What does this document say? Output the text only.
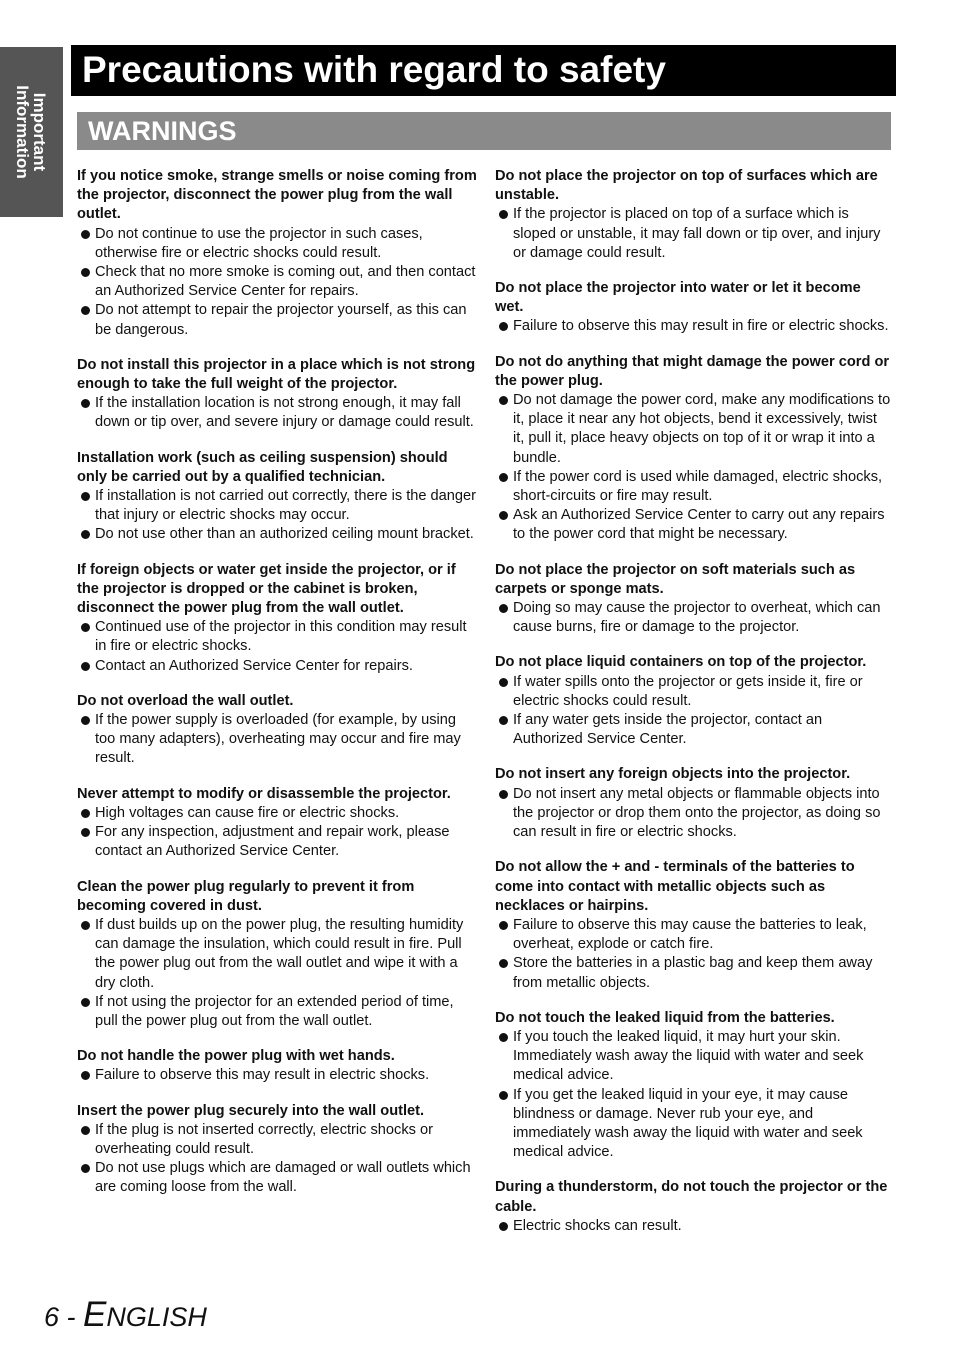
Important
Information
Precautions with regard to safety
WARNINGS
If you notice smoke, strange smells or noise coming from the projector, disconnect the power plug from the wall outlet.
Do not continue to use the projector in such cases, otherwise fire or electric shocks could result.
Check that no more smoke is coming out, and then contact an Authorized Service Center for repairs.
Do not attempt to repair the projector yourself, as this can be dangerous.
Do not install this projector in a place which is not strong enough to take the full weight of the projector.
If the installation location is not strong enough, it may fall down or tip over, and severe injury or damage could result.
Installation work (such as ceiling suspension) should only be carried out by a qualified technician.
If installation is not carried out correctly, there is the danger that injury or electric shocks may occur.
Do not use other than an authorized ceiling mount bracket.
If foreign objects or water get inside the projector, or if the projector is dropped or the cabinet is broken, disconnect the power plug from the wall outlet.
Continued use of the projector in this condition may result in fire or electric shocks.
Contact an Authorized Service Center for repairs.
Do not overload the wall outlet.
If the power supply is overloaded (for example, by using too many adapters), overheating may occur and fire may result.
Never attempt to modify or disassemble the projector.
High voltages can cause fire or electric shocks.
For any inspection, adjustment and repair work, please contact an Authorized Service Center.
Clean the power plug regularly to prevent it from becoming covered in dust.
If dust builds up on the power plug, the resulting humidity can damage the insulation, which could result in fire. Pull the power plug out from the wall outlet and wipe it with a dry cloth.
If not using the projector for an extended period of time, pull the power plug out from the wall outlet.
Do not handle the power plug with wet hands.
Failure to observe this may result in electric shocks.
Insert the power plug securely into the wall outlet.
If the plug is not inserted correctly, electric shocks or overheating could result.
Do not use plugs which are damaged or wall outlets which are coming loose from the wall.
Do not place the projector on top of surfaces which are unstable.
If the projector is placed on top of a surface which is sloped or unstable, it may fall down or tip over, and injury or damage could result.
Do not place the projector into water or let it become wet.
Failure to observe this may result in fire or electric shocks.
Do not do anything that might damage the power cord or the power plug.
Do not damage the power cord, make any modifications to it, place it near any hot objects, bend it excessively, twist it, pull it, place heavy objects on top of it or wrap it into a bundle.
If the power cord is used while damaged, electric shocks, short-circuits or fire may result.
Ask an Authorized Service Center to carry out any repairs to the power cord that might be necessary.
Do not place the projector on soft materials such as carpets or sponge mats.
Doing so may cause the projector to overheat, which can cause burns, fire or damage to the projector.
Do not place liquid containers on top of the projector.
If water spills onto the projector or gets inside it, fire or electric shocks could result.
If any water gets inside the projector, contact an Authorized Service Center.
Do not insert any foreign objects into the projector.
Do not insert any metal objects or flammable objects into the projector or drop them onto the projector, as doing so can result in fire or electric shocks.
Do not allow the + and - terminals of the batteries to come into contact with metallic objects such as necklaces or hairpins.
Failure to observe this may cause the batteries to leak, overheat, explode or catch fire.
Store the batteries in a plastic bag and keep them away from metallic objects.
Do not touch the leaked liquid from the batteries.
If you touch the leaked liquid, it may hurt your skin. Immediately wash away the liquid with water and seek medical advice.
If you get the leaked liquid in your eye, it may cause blindness or damage. Never rub your eye, and immediately wash away the liquid with water and seek medical advice.
During a thunderstorm, do not touch the projector or the cable.
Electric shocks can result.
6 - ENGLISH
